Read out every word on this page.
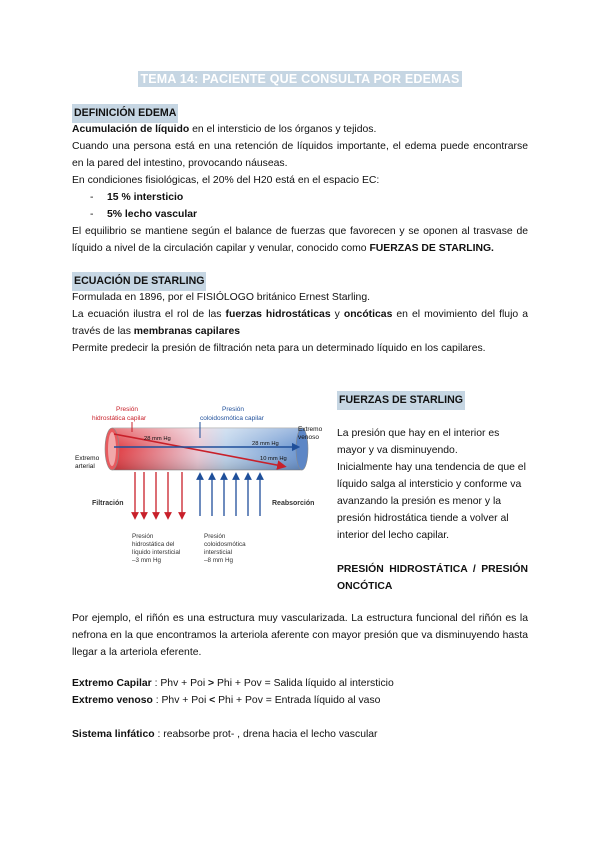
TEMA 14: PACIENTE QUE CONSULTA POR EDEMAS
DEFINICIÓN EDEMA

Acumulación de líquido en el intersticio de los órganos y tejidos.

Cuando una persona está en una retención de líquidos importante, el edema puede encontrarse en la pared del intestino, provocando náuseas.

En condiciones fisiológicas, el 20% del H20 está en el espacio EC:

- 15 % intersticio
- 5% lecho vascular

El equilibrio se mantiene según el balance de fuerzas que favorecen y se oponen al trasvase de líquido a nivel de la circulación capilar y venular, conocido como FUERZAS DE STARLING.

ECUACIÓN DE STARLING

Formulada en 1896, por el FISIÓLOGO británico Ernest Starling.

La ecuación ilustra el rol de las fuerzas hidrostáticas y oncóticas en el movimiento del flujo a través de las membranas capilares

Permite predecir la presión de filtración neta para un determinado líquido en los capilares.

Presión
hidrostática capilar
Presión
coloidosmótica capilar
28 mm Hg
28 mm Hg
10 mm Hg
Extremo
arterial
Extremo
venoso
Filtración	Reabsorción
Presión
hidrostática del
líquido intersticial
–3 mm Hg
Presión
coloidosmótica
intersticial
–8 mm Hg
FUERZAS DE STARLING

La presión que hay en el interior es mayor y va disminuyendo.

Inicialmente hay una tendencia de que el líquido salga al intersticio y conforme va avanzando la presión es menor y la presión hidrostática tiende a volver al interior del lecho capilar.

PRESIÓN HIDROSTÁTICA / PRESIÓN

ONCÓTICA

Por ejemplo, el riñón es una estructura muy vascularizada. La estructura funcional del riñón es la nefrona en la que encontramos la arteriola aferente con mayor presión que va disminuyendo hasta llegar a la arteriola eferente.

Extremo Capilar : Phv + Poi > Phi + Pov = Salida líquido al intersticio

Extremo venoso : Phv + Poi < Phi + Pov = Entrada líquido al vaso

Sistema linfático : reabsorbe prot- , drena hacia el lecho vascular
